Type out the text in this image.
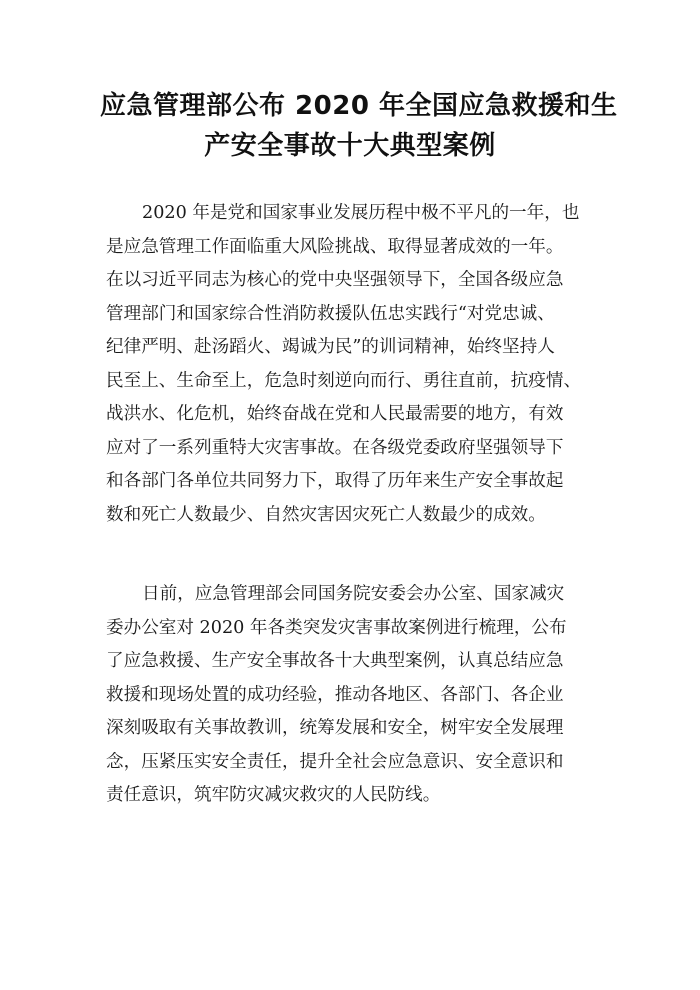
应急管理部公布 2020 年全国应急救援和生
产安全事故十大典型案例

2020 年是党和国家事业发展历程中极不平凡的一年，也
是应急管理工作面临重大风险挑战、取得显著成效的一年。
在以习近平同志为核心的党中央坚强领导下，全国各级应急
管理部门和国家综合性消防救援队伍忠实践行“对党忠诚、
纪律严明、赴汤蹈火、竭诚为民”的训词精神，始终坚持人
民至上、生命至上，危急时刻逆向而行、勇往直前，抗疫情、
战洪水、化危机，始终奋战在党和人民最需要的地方，有效
应对了一系列重特大灾害事故。在各级党委政府坚强领导下
和各部门各单位共同努力下，取得了历年来生产安全事故起
数和死亡人数最少、自然灾害因灾死亡人数最少的成效。

日前，应急管理部会同国务院安委会办公室、国家减灾
委办公室对 2020 年各类突发灾害事故案例进行梳理，公布
了应急救援、生产安全事故各十大典型案例，认真总结应急
救援和现场处置的成功经验，推动各地区、各部门、各企业
深刻吸取有关事故教训，统筹发展和安全，树牢安全发展理
念，压紧压实安全责任，提升全社会应急意识、安全意识和
责任意识，筑牢防灾减灾救灾的人民防线。
